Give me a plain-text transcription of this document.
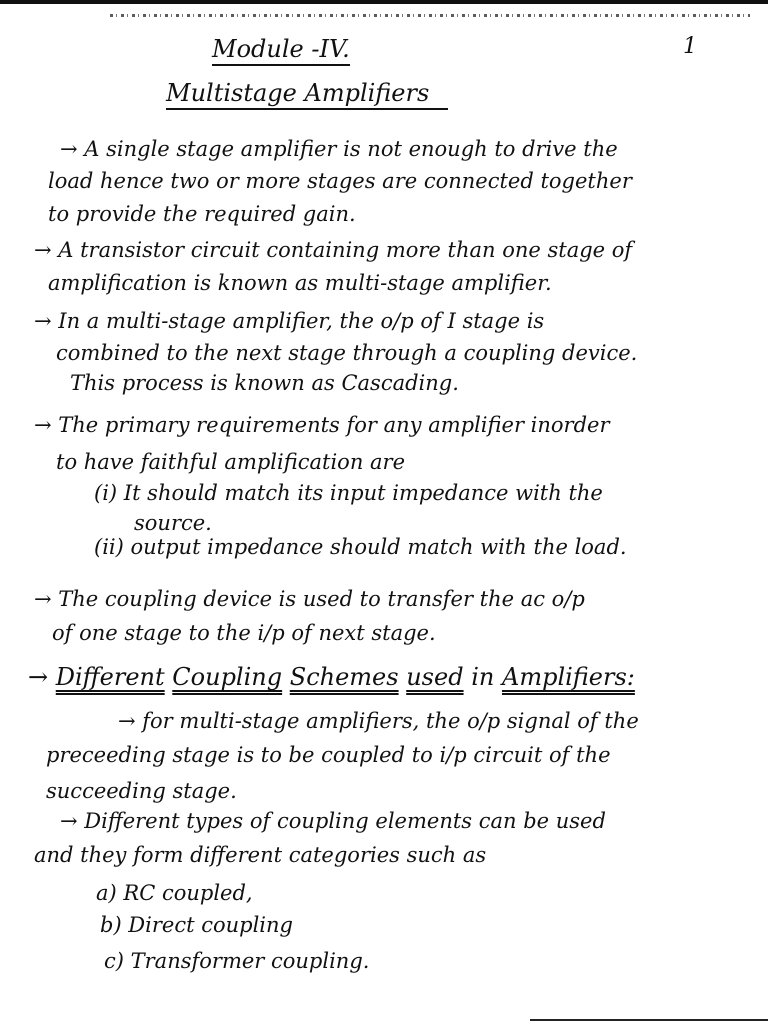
Module -IV.	1
Multistage Amplifiers
→ A single stage amplifier is not enough to drive the
load hence two or more stages are connected together
to provide the required gain.
→ A transistor circuit containing more than one stage of
amplification is known as multi-stage amplifier.
→ In a multi-stage amplifier, the o/p of I stage is
combined to the next stage through a coupling device.
This process is known as Cascading.
→ The primary requirements for any amplifier inorder
to have faithful amplification are
(i) It should match its input impedance with the
source.
(ii) output impedance should match with the load.
→ The coupling device is used to transfer the ac o/p
of one stage to the i/p of next stage.
→ Different Coupling Schemes used in Amplifiers:
→ for multi-stage amplifiers, the o/p signal of the
preceeding stage is to be coupled to i/p circuit of the
succeeding stage.
→ Different types of coupling elements can be used
and they form different categories such as
a) RC coupled,
b) Direct coupling
c) Transformer coupling.
